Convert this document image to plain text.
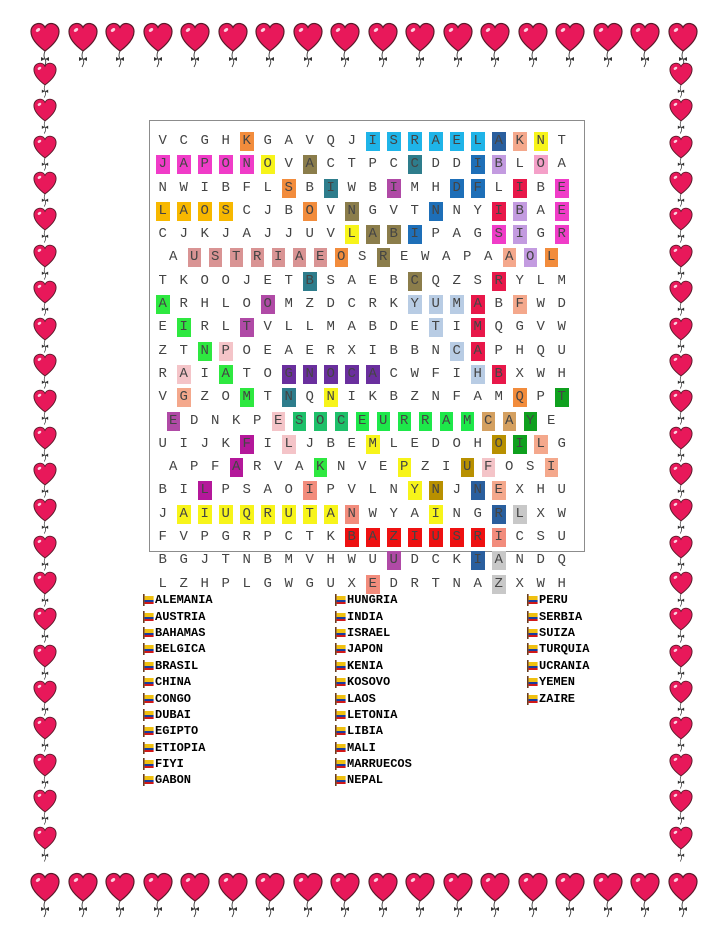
V C G H K G A V Q J I S R A E L A K N T
J A P O N O V A C T P C C D D I B L O A
N W I B F L S B I W B I M H D F L I B E
L A O S C J B O V N G V T N N Y I B A E
C J K J A J J U V L A B I P A G S I G R
A U S T R I A E O S R E W A P A A O L
T K O O J E T B S A E B C Q Z S R Y L M
A R H L O O M Z D C R K Y U M A B F W D
E I R L T V L L M A B D E T I M Q G V W
Z T N P O E A E R X I B B N C A P H Q U
R A I A T O G N O C A C W F I H B X W H
V G Z O M T N Q N I K B Z N F A M Q P T
E D N K P E S O C E U R R A M C A Y E
U I J K F I L J B E M L E D O H O I L G
A P F A R V A K N V E P Z I U F O S I
B I L P S A O I P V L N Y N J N E X H U
J A I U Q R U T A N W Y A I N G R L X W
F V P G R P C T K B A Z I U S R I C S U
B G J T N B M V H W U U D C K I A N D Q
L Z H P L G W G U X E D R T N A Z X W H
ALEMANIA
AUSTRIA
BAHAMAS
BELGICA
BRASIL
CHINA
CONGO
DUBAI
EGIPTO
ETIOPIA
FIYI
GABON
HUNGRIA
INDIA
ISRAEL
JAPON
KENIA
KOSOVO
LAOS
LETONIA
LIBIA
MALI
MARRUECOS
NEPAL
PERU
SERBIA
SUIZA
TURQUIA
UCRANIA
YEMEN
ZAIRE
